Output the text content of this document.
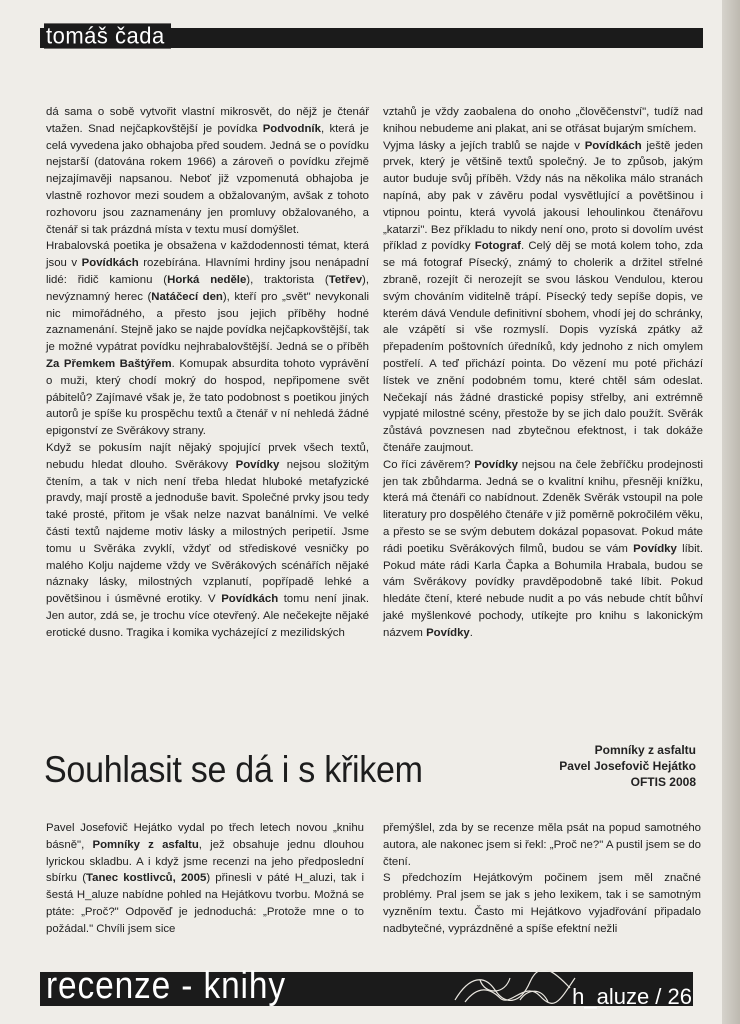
tomáš čada

dá sama o sobě vytvořit vlastní mikrosvět, do nějž je čtenář vtažen. Snad nejčapkovštější je povídka Podvodník, která je celá vyvedena jako obhajoba před soudem. Jedná se o povídku nejstarší (datována rokem 1966) a zároveň o povídku zřejmě nejzajímavěji napsanou. Neboť již vzpomenutá obhajoba je vlastně rozhovor mezi soudem a obžalovaným, avšak z tohoto rozhovoru jsou zaznamenány jen promluvy obžalovaného, a čtenář si tak prázdná místa v textu musí domýšlet.

Hrabalovská poetika je obsažena v každodennosti témat, která jsou v Povídkách rozebírána. Hlavními hrdiny jsou nenápadní lidé: řidič kamionu (Horká neděle), traktorista (Tetřev), nevýznamný herec (Natáčecí den), kteří pro „svět" nevykonali nic mimořádného, a přesto jsou jejich příběhy hodné zaznamenání. Stejně jako se najde povídka nejčapkovštější, tak je možné vypátrat povídku nejhrabalovštější. Jedná se o příběh Za Přemkem Baštýřem. Komupak absurdita tohoto vyprávění o muži, který chodí mokrý do hospod, nepřipomene svět pábitelů? Zajímavé však je, že tato podobnost s poetikou jiných autorů je spíše ku prospěchu textů a čtenář v ní nehledá žádné epigonství ze Svěrákovy strany.

Když se pokusím najít nějaký spojující prvek všech textů, nebudu hledat dlouho. Svěrákovy Povídky nejsou složitým čtením, a tak v nich není třeba hledat hluboké metafyzické pravdy, mají prostě a jednoduše bavit. Společné prvky jsou tedy také prosté, přitom je však nelze nazvat banálními. Ve velké části textů najdeme motiv lásky a milostných peripetií. Jsme tomu u Svěráka zvyklí, vždyť od střediskové vesničky po malého Kolju najdeme vždy ve Svěrákových scénářích nějaké náznaky lásky, milostných vzplanutí, popřípadě lehké a povětšinou i úsměvné erotiky. V Povídkách tomu není jinak. Jen autor, zdá se, je trochu více otevřený. Ale nečekejte nějaké erotické dusno. Tragika i komika vycházející z mezilidských

vztahů je vždy zaobalena do onoho „člověčenství", tudíž nad knihou nebudeme ani plakat, ani se otřásat bujarým smíchem.

Vyjma lásky a jejích trablů se najde v Povídkách ještě jeden prvek, který je většině textů společný. Je to způsob, jakým autor buduje svůj příběh. Vždy nás na několika málo stranách napíná, aby pak v závěru podal vysvětlující a povětšinou i vtipnou pointu, která vyvolá jakousi lehoulinkou čtenářovu „katarzi". Bez příkladu to nikdy není ono, proto si dovolím uvést příklad z povídky Fotograf. Celý děj se motá kolem toho, zda se má fotograf Písecký, známý to cholerik a držitel střelné zbraně, rozejít či nerozejít se svou láskou Vendulou, kterou svým chováním viditelně trápí. Písecký tedy sepíše dopis, ve kterém dává Vendule definitivní sbohem, vhodí jej do schránky, ale vzápětí si vše rozmyslí. Dopis vyzíská zpátky až přepadením poštovních úředníků, kdy jednoho z nich omylem postřelí. A teď přichází pointa. Do vězení mu poté přichází lístek ve znění podobném tomu, které chtěl sám odeslat. Nečekají nás žádné drastické popisy střelby, ani extrémně vypjaté milostné scény, přestože by se jich dalo použít. Svěrák zůstává povznesen nad zbytečnou efektnost, i tak dokáže čtenáře zaujmout.

Co říci závěrem? Povídky nejsou na čele žebříčku prodejnosti jen tak zbůhdarma. Jedná se o kvalitní knihu, přesněji knížku, která má čtenáři co nabídnout. Zdeněk Svěrák vstoupil na pole literatury pro dospělého čtenáře v již poměrně pokročilém věku, a přesto se se svým debutem dokázal popasovat. Pokud máte rádi poetiku Svěrákových filmů, budou se vám Povídky líbit. Pokud máte rádi Karla Čapka a Bohumila Hrabala, budou se vám Svěrákovy povídky pravděpodobně také líbit. Pokud hledáte čtení, které nebude nudit a po vás nebude chtít bůhví jaké myšlenkové pochody, utíkejte pro knihu s lakonickým názvem Povídky.

Souhlasit se dá i s křikem	Pomníky z asfaltu
Pavel Josefovič Hejátko
OFTIS 2008

Pavel Josefovič Hejátko vydal po třech letech novou „knihu básně", Pomníky z asfaltu, jež obsahuje jednu dlouhou lyrickou skladbu. A i když jsme recenzi na jeho předposlední sbírku (Tanec kostlivců, 2005) přinesli v páté H_aluzi, tak i šestá H_aluze nabídne pohled na Hejátkovu tvorbu. Možná se ptáte: „Proč?" Odpověď je jednoduchá: „Protože mne o to požádal." Chvíli jsem sice

přemýšlel, zda by se recenze měla psát na popud samotného autora, ale nakonec jsem si řekl: „Proč ne?" A pustil jsem se do čtení.

S předchozím Hejátkovým počinem jsem měl značné problémy. Pral jsem se jak s jeho lexikem, tak i se samotným vyzněním textu. Často mi Hejátkovo vyjadřování připadalo nadbytečné, vyprázdněné a spíše efektní nežli

recenze - knihy	h_aluze / 26
